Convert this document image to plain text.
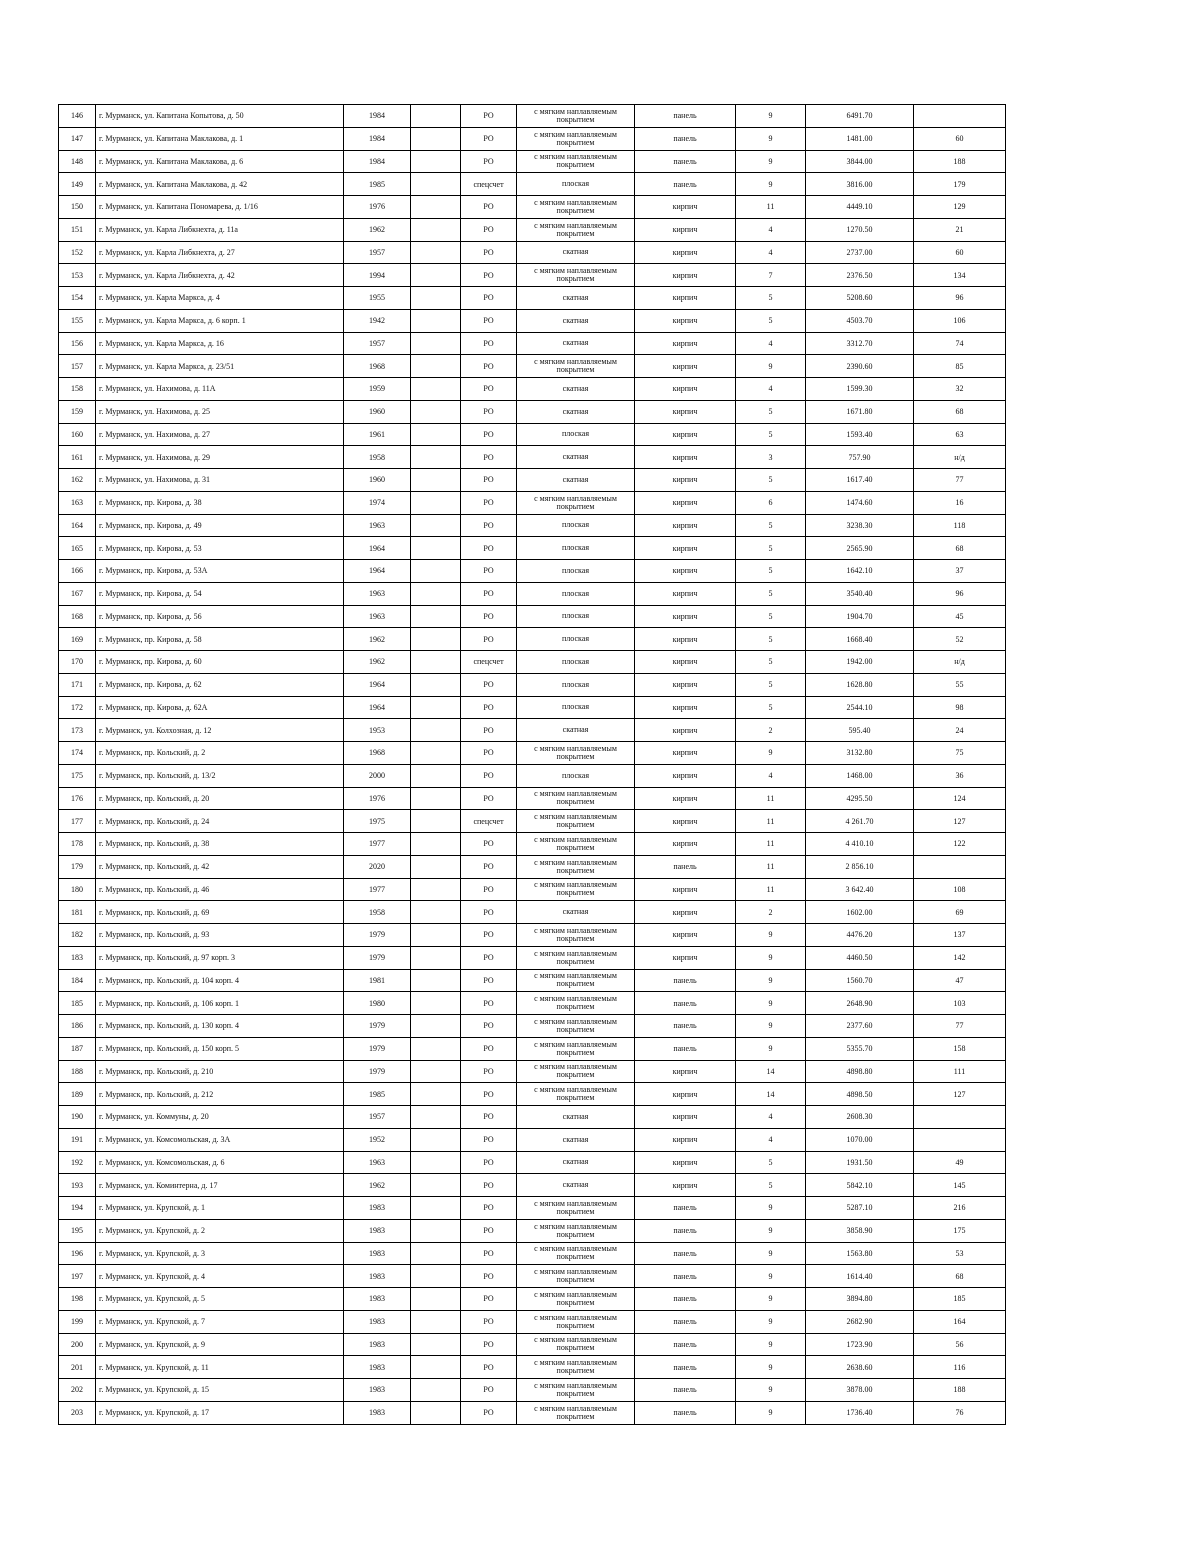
146	г. Мурманск, ул. Капитана Копытова, д. 50	1984		РО	с мягким наплавляемым покрытием	панель	9	6491.70	
147	г. Мурманск, ул. Капитана Маклакова, д. 1	1984		РО	с мягким наплавляемым покрытием	панель	9	1481.00	60
148	г. Мурманск, ул. Капитана Маклакова, д. 6	1984		РО	с мягким наплавляемым покрытием	панель	9	3844.00	188
149	г. Мурманск, ул. Капитана Маклакова, д. 42	1985		спецсчет	плоская	панель	9	3816.00	179
150	г. Мурманск, ул. Капитана Пономарева, д. 1/16	1976		РО	с мягким наплавляемым покрытием	кирпич	11	4449.10	129
151	г. Мурманск, ул. Карла Либкнехта, д. 11а	1962		РО	с мягким наплавляемым покрытием	кирпич	4	1270.50	21
152	г. Мурманск, ул. Карла Либкнехта, д. 27	1957		РО	скатная	кирпич	4	2737.00	60
153	г. Мурманск, ул. Карла Либкнехта, д. 42	1994		РО	с мягким наплавляемым покрытием	кирпич	7	2376.50	134
154	г. Мурманск, ул. Карла Маркса, д. 4	1955		РО	скатная	кирпич	5	5208.60	96
155	г. Мурманск, ул. Карла Маркса, д. 6 корп. 1	1942		РО	скатная	кирпич	5	4503.70	106
156	г. Мурманск, ул. Карла Маркса, д. 16	1957		РО	скатная	кирпич	4	3312.70	74
157	г. Мурманск, ул. Карла Маркса, д. 23/51	1968		РО	с мягким наплавляемым покрытием	кирпич	9	2390.60	85
158	г. Мурманск, ул. Нахимова, д. 11А	1959		РО	скатная	кирпич	4	1599.30	32
159	г. Мурманск, ул. Нахимова, д. 25	1960		РО	скатная	кирпич	5	1671.80	68
160	г. Мурманск, ул. Нахимова, д. 27	1961		РО	плоская	кирпич	5	1593.40	63
161	г. Мурманск, ул. Нахимова, д. 29	1958		РО	скатная	кирпич	3	757.90	н/д
162	г. Мурманск, ул. Нахимова, д. 31	1960		РО	скатная	кирпич	5	1617.40	77
163	г. Мурманск, пр. Кирова, д. 38	1974		РО	с мягким наплавляемым покрытием	кирпич	6	1474.60	16
164	г. Мурманск, пр. Кирова, д. 49	1963		РО	плоская	кирпич	5	3238.30	118
165	г. Мурманск, пр. Кирова, д. 53	1964		РО	плоская	кирпич	5	2565.90	68
166	г. Мурманск, пр. Кирова, д. 53А	1964		РО	плоская	кирпич	5	1642.10	37
167	г. Мурманск, пр. Кирова, д. 54	1963		РО	плоская	кирпич	5	3540.40	96
168	г. Мурманск, пр. Кирова, д. 56	1963		РО	плоская	кирпич	5	1904.70	45
169	г. Мурманск, пр. Кирова, д. 58	1962		РО	плоская	кирпич	5	1668.40	52
170	г. Мурманск, пр. Кирова, д. 60	1962		спецсчет	плоская	кирпич	5	1942.00	н/д
171	г. Мурманск, пр. Кирова, д. 62	1964		РО	плоская	кирпич	5	1628.80	55
172	г. Мурманск, пр. Кирова, д. 62А	1964		РО	плоская	кирпич	5	2544.10	98
173	г. Мурманск, ул. Колхозная, д. 12	1953		РО	скатная	кирпич	2	595.40	24
174	г. Мурманск, пр. Кольский, д. 2	1968		РО	с мягким наплавляемым покрытием	кирпич	9	3132.80	75
175	г. Мурманск, пр. Кольский, д. 13/2	2000		РО	плоская	кирпич	4	1468.00	36
176	г. Мурманск, пр. Кольский, д. 20	1976		РО	с мягким наплавляемым покрытием	кирпич	11	4295.50	124
177	г. Мурманск, пр. Кольский, д. 24	1975		спецсчет	с мягким наплавляемым покрытием	кирпич	11	4 261.70	127
178	г. Мурманск, пр. Кольский, д. 38	1977		РО	с мягким наплавляемым покрытием	кирпич	11	4 410.10	122
179	г. Мурманск, пр. Кольский, д. 42	2020		РО	с мягким наплавляемым покрытием	панель	11	2 856.10	
180	г. Мурманск, пр. Кольский, д. 46	1977		РО	с мягким наплавляемым покрытием	кирпич	11	3 642.40	108
181	г. Мурманск, пр. Кольский, д. 69	1958		РО	скатная	кирпич	2	1602.00	69
182	г. Мурманск, пр. Кольский, д. 93	1979		РО	с мягким наплавляемым покрытием	кирпич	9	4476.20	137
183	г. Мурманск, пр. Кольский, д. 97 корп. 3	1979		РО	с мягким наплавляемым покрытием	кирпич	9	4460.50	142
184	г. Мурманск, пр. Кольский, д. 104 корп. 4	1981		РО	с мягким наплавляемым покрытием	панель	9	1560.70	47
185	г. Мурманск, пр. Кольский, д. 106 корп. 1	1980		РО	с мягким наплавляемым покрытием	панель	9	2648.90	103
186	г. Мурманск, пр. Кольский, д. 130 корп. 4	1979		РО	с мягким наплавляемым покрытием	панель	9	2377.60	77
187	г. Мурманск, пр. Кольский, д. 150 корп. 5	1979		РО	с мягким наплавляемым покрытием	панель	9	5355.70	158
188	г. Мурманск, пр. Кольский, д. 210	1979		РО	с мягким наплавляемым покрытием	кирпич	14	4898.80	111
189	г. Мурманск, пр. Кольский, д. 212	1985		РО	с мягким наплавляемым покрытием	кирпич	14	4898.50	127
190	г. Мурманск, ул. Коммуны, д. 20	1957		РО	скатная	кирпич	4	2608.30	
191	г. Мурманск, ул. Комсомольская, д. 3А	1952		РО	скатная	кирпич	4	1070.00	
192	г. Мурманск, ул. Комсомольская, д. 6	1963		РО	скатная	кирпич	5	1931.50	49
193	г. Мурманск, ул. Коминтерна, д. 17	1962		РО	скатная	кирпич	5	5842.10	145
194	г. Мурманск, ул. Крупской, д. 1	1983		РО	с мягким наплавляемым покрытием	панель	9	5287.10	216
195	г. Мурманск, ул. Крупской, д. 2	1983		РО	с мягким наплавляемым покрытием	панель	9	3858.90	175
196	г. Мурманск, ул. Крупской, д. 3	1983		РО	с мягким наплавляемым покрытием	панель	9	1563.80	53
197	г. Мурманск, ул. Крупской, д. 4	1983		РО	с мягким наплавляемым покрытием	панель	9	1614.40	68
198	г. Мурманск, ул. Крупской, д. 5	1983		РО	с мягким наплавляемым покрытием	панель	9	3894.80	185
199	г. Мурманск, ул. Крупской, д. 7	1983		РО	с мягким наплавляемым покрытием	панель	9	2682.90	164
200	г. Мурманск, ул. Крупской, д. 9	1983		РО	с мягким наплавляемым покрытием	панель	9	1723.90	56
201	г. Мурманск, ул. Крупской, д. 11	1983		РО	с мягким наплавляемым покрытием	панель	9	2638.60	116
202	г. Мурманск, ул. Крупской, д. 15	1983		РО	с мягким наплавляемым покрытием	панель	9	3878.00	188
203	г. Мурманск, ул. Крупской, д. 17	1983		РО	с мягким наплавляемым покрытием	панель	9	1736.40	76
